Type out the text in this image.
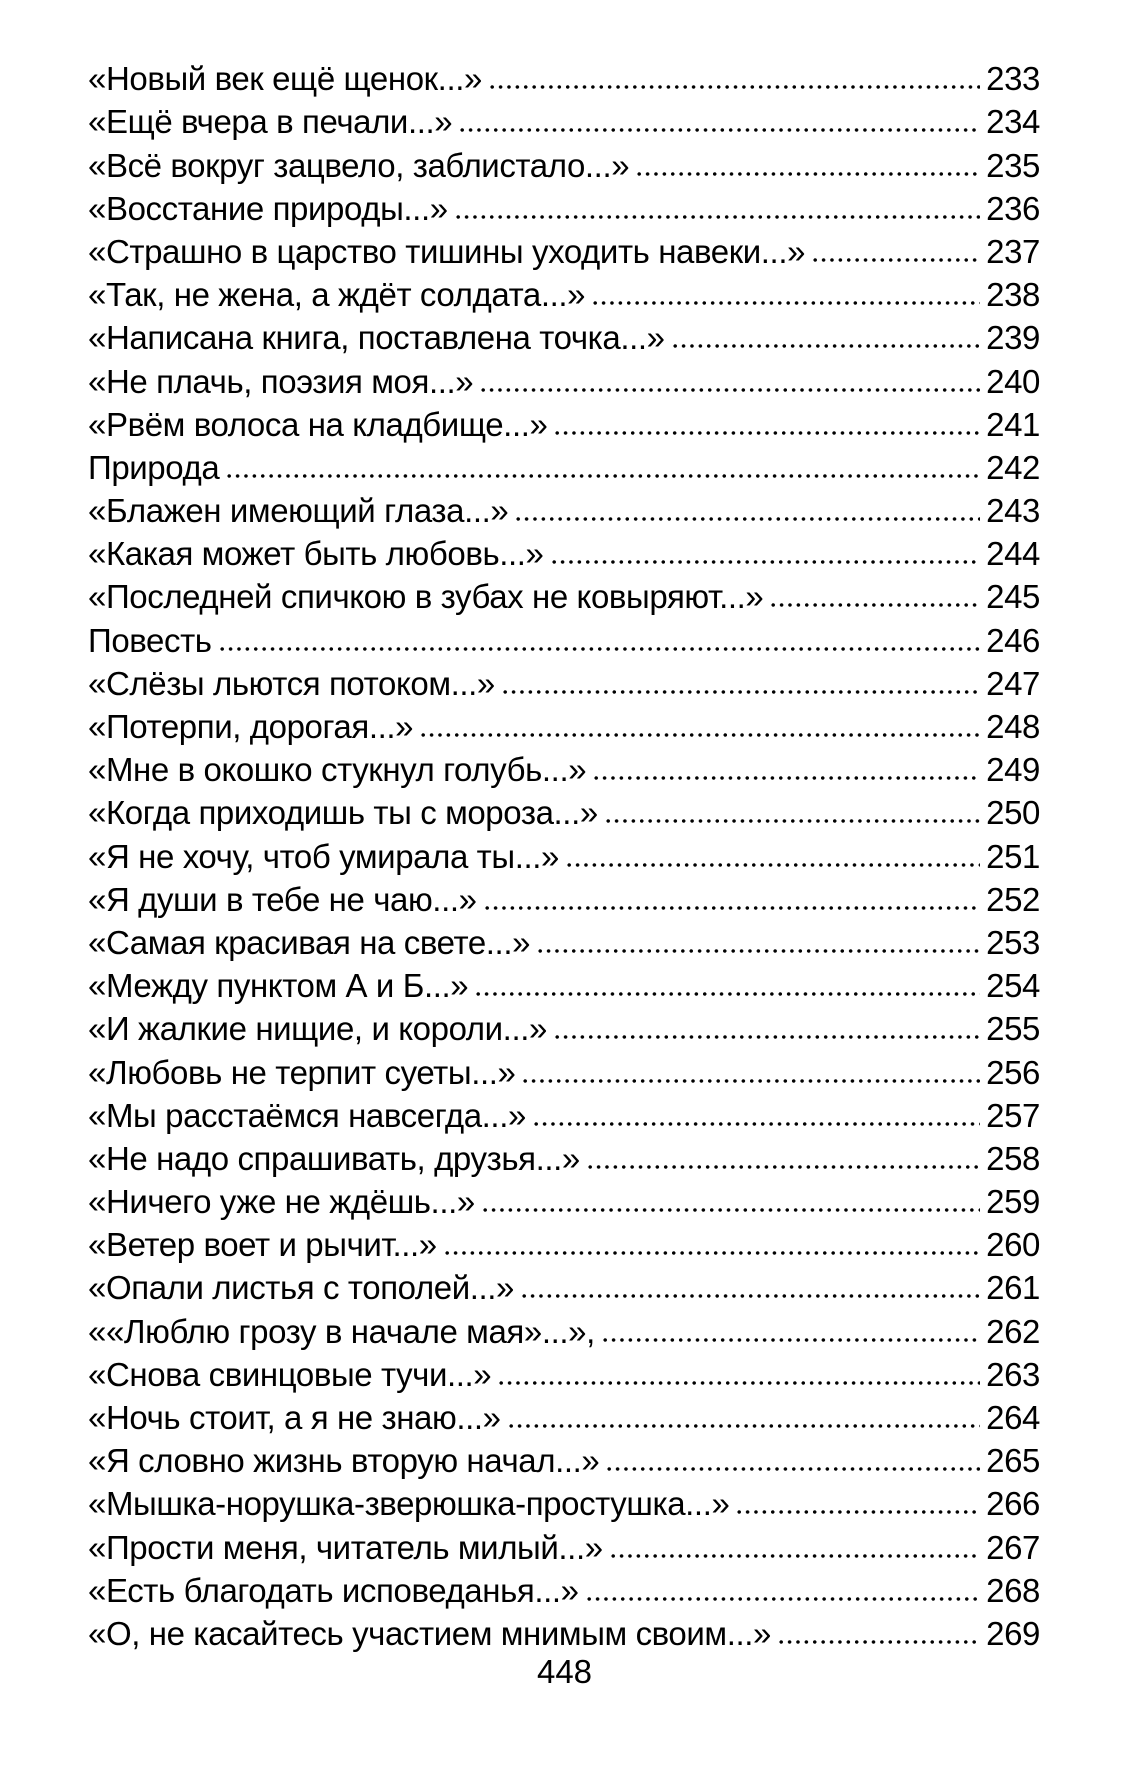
«Новый век ещё щенок...»	233
«Ещё вчера в печали...»	234
«Всё вокруг зацвело, заблистало...»	235
«Восстание природы...»	236
«Страшно в царство тишины уходить навеки...»	237
«Так, не жена, а ждёт солдата...»	238
«Написана книга, поставлена точка...»	239
«Не плачь, поэзия моя...»	240
«Рвём волоса на кладбище...»	241
Природа	242
«Блажен имеющий глаза...»	243
«Какая может быть любовь...»	244
«Последней спичкою в зубах не ковыряют...»	245
Повесть	246
«Слёзы льются потоком...»	247
«Потерпи, дорогая...»	248
«Мне в окошко стукнул голубь...»	249
«Когда приходишь ты с мороза...»	250
«Я не хочу, чтоб умирала ты...»	251
«Я души в тебе не чаю...»	252
«Самая красивая на свете...»	253
«Между пунктом А и Б...»	254
«И жалкие нищие, и короли...»	255
«Любовь не терпит суеты...»	256
«Мы расстаёмся навсегда...»	257
«Не надо спрашивать, друзья...»	258
«Ничего уже не ждёшь...»	259
«Ветер воет и рычит...»	260
«Опали листья с тополей...»	261
««Люблю грозу в начале мая»...»,	262
«Снова свинцовые тучи...»	263
«Ночь стоит, а я не знаю...»	264
«Я словно жизнь вторую начал...»	265
«Мышка-норушка-зверюшка-простушка...»	266
«Прости меня, читатель милый...»	267
«Есть благодать исповеданья...»	268
«О, не касайтесь участием мнимым своим...»	269
448
